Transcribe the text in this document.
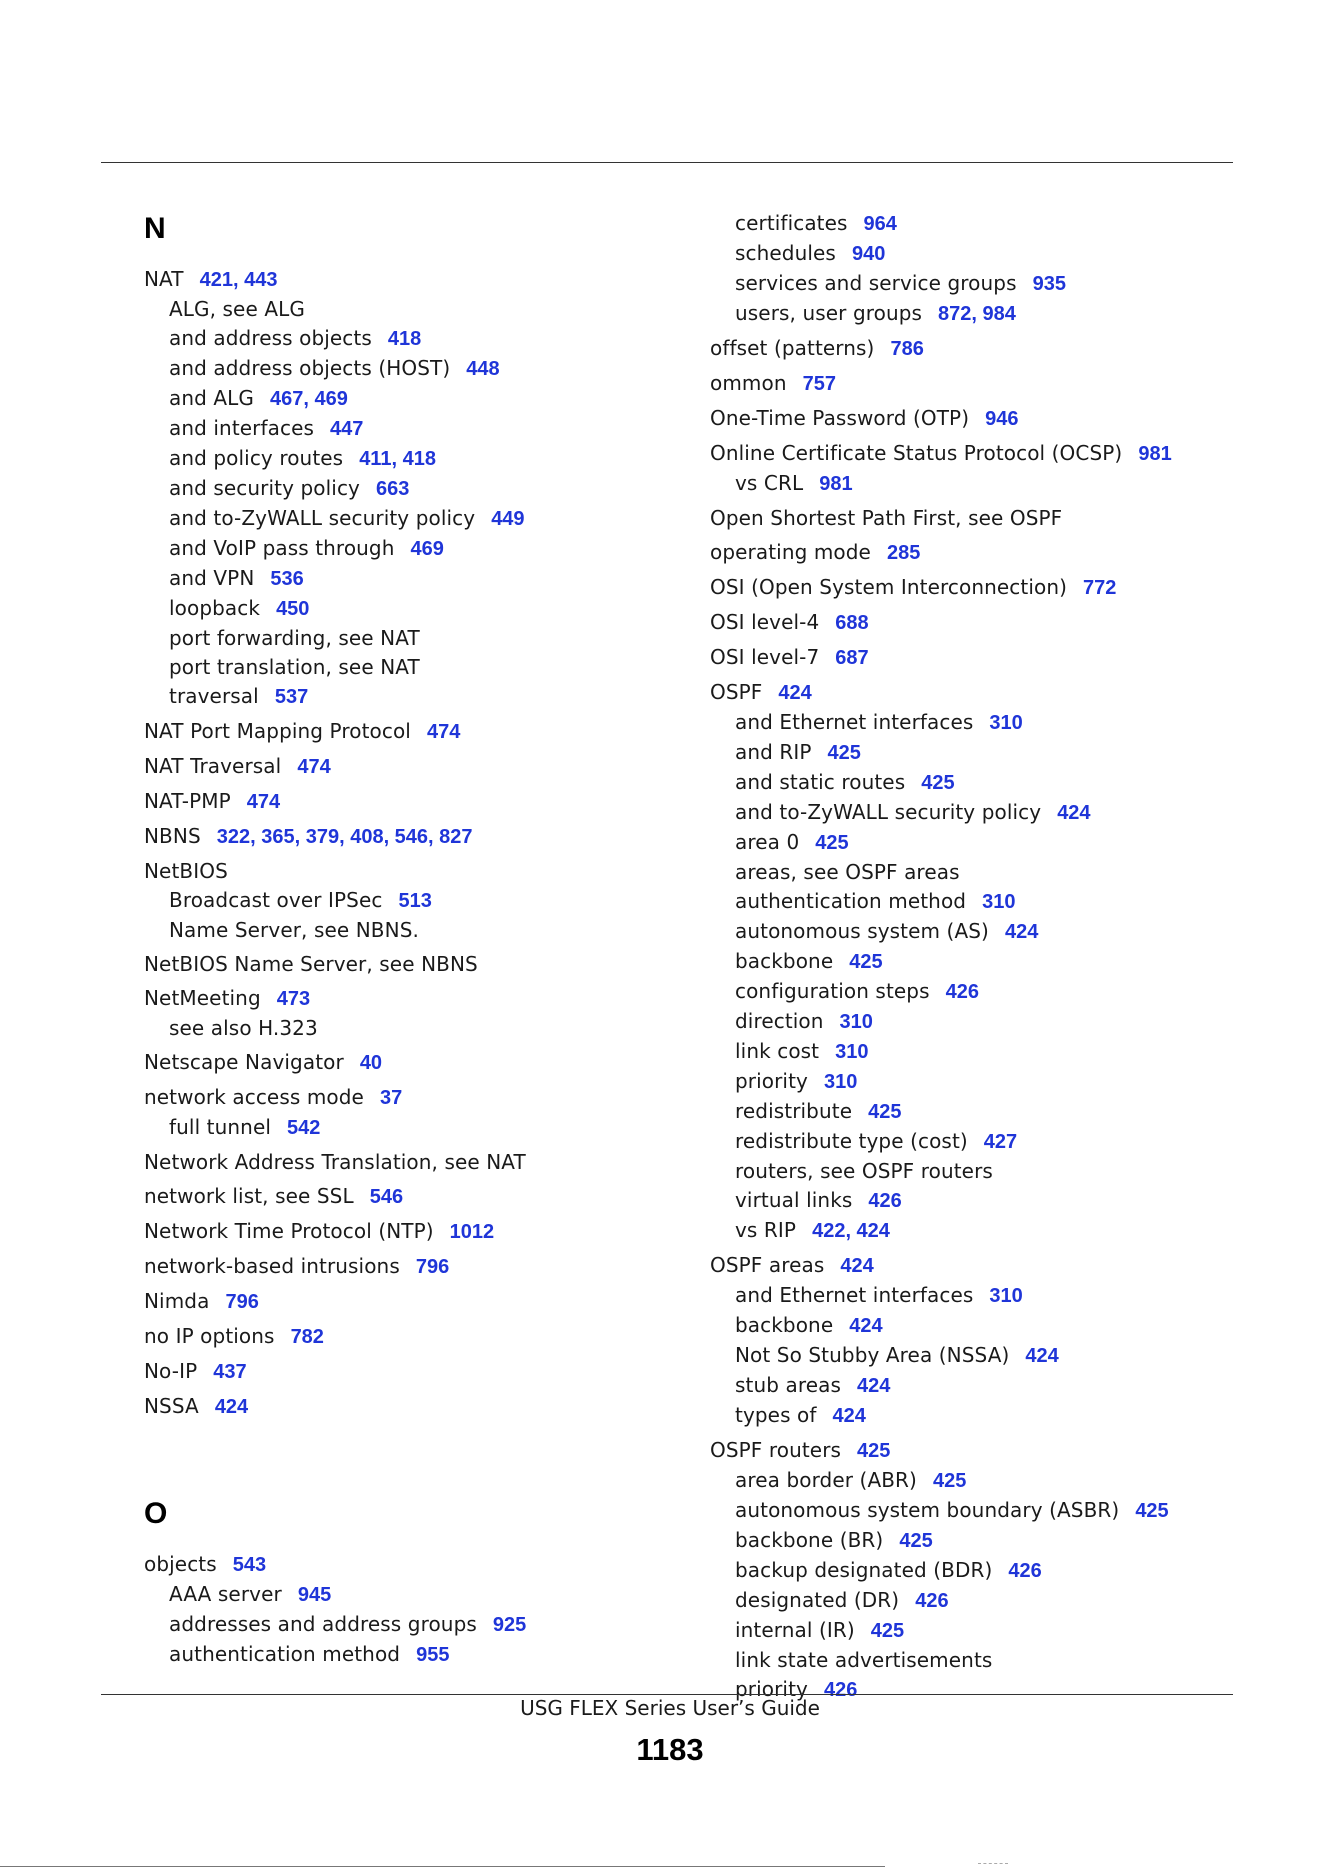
N
NAT 421, 443
ALG, see ALG
and address objects 418
and address objects (HOST) 448
and ALG 467, 469
and interfaces 447
and policy routes 411, 418
and security policy 663
and to-ZyWALL security policy 449
and VoIP pass through 469
and VPN 536
loopback 450
port forwarding, see NAT
port translation, see NAT
traversal 537
NAT Port Mapping Protocol 474
NAT Traversal 474
NAT-PMP 474
NBNS 322, 365, 379, 408, 546, 827
NetBIOS
Broadcast over IPSec 513
Name Server, see NBNS.
NetBIOS Name Server, see NBNS
NetMeeting 473
see also H.323
Netscape Navigator 40
network access mode 37
full tunnel 542
Network Address Translation, see NAT
network list, see SSL 546
Network Time Protocol (NTP) 1012
network-based intrusions 796
Nimda 796
no IP options 782
No-IP 437
NSSA 424
O
objects 543
AAA server 945
addresses and address groups 925
authentication method 955
certificates 964
schedules 940
services and service groups 935
users, user groups 872, 984
offset (patterns) 786
ommon 757
One-Time Password (OTP) 946
Online Certificate Status Protocol (OCSP) 981
vs CRL 981
Open Shortest Path First, see OSPF
operating mode 285
OSI (Open System Interconnection) 772
OSI level-4 688
OSI level-7 687
OSPF 424
and Ethernet interfaces 310
and RIP 425
and static routes 425
and to-ZyWALL security policy 424
area 0 425
areas, see OSPF areas
authentication method 310
autonomous system (AS) 424
backbone 425
configuration steps 426
direction 310
link cost 310
priority 310
redistribute 425
redistribute type (cost) 427
routers, see OSPF routers
virtual links 426
vs RIP 422, 424
OSPF areas 424
and Ethernet interfaces 310
backbone 424
Not So Stubby Area (NSSA) 424
stub areas 424
types of 424
OSPF routers 425
area border (ABR) 425
autonomous system boundary (ASBR) 425
backbone (BR) 425
backup designated (BDR) 426
designated (DR) 426
internal (IR) 425
link state advertisements
priority 426
USG FLEX Series User’s Guide
1183
